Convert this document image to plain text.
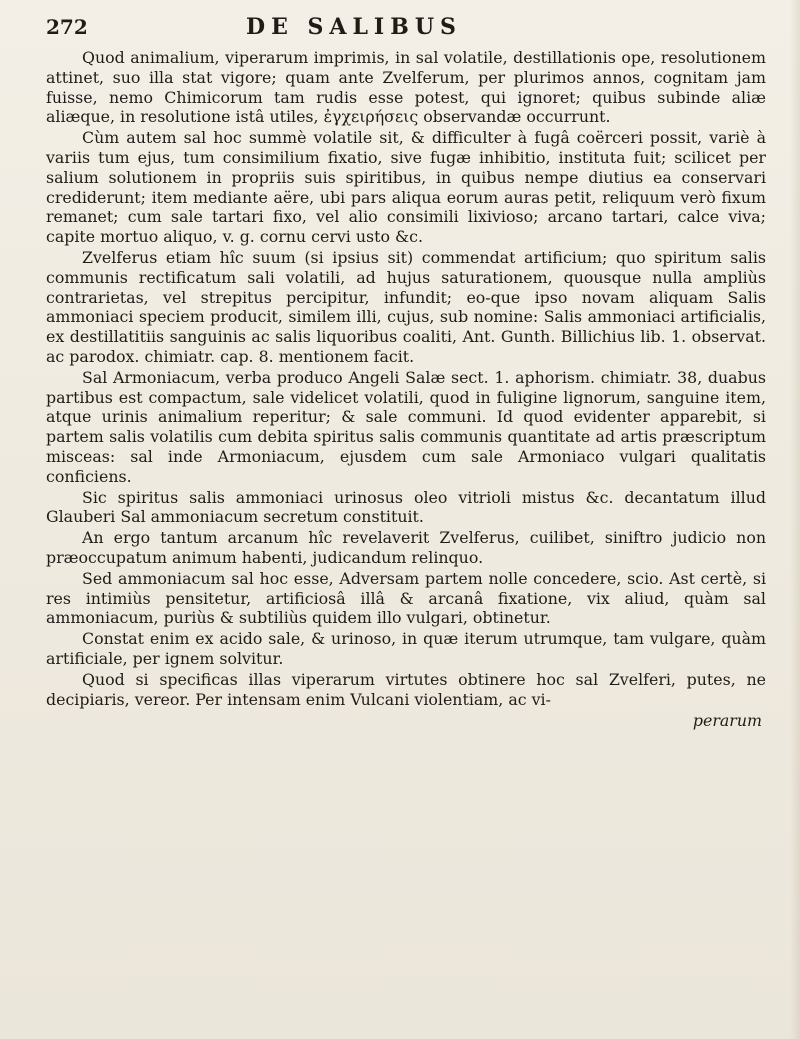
272	DE SALIBUS

Quod animalium, viperarum imprimis, in sal volatile, destillationis ope, resolutionem attinet, suo illa stat vigore; quam ante Zvelferum, per plurimos annos, cognitam jam fuisse, nemo Chimicorum tam rudis esse potest, qui ignoret; quibus subinde aliæ aliæque, in resolutione istâ utiles, ἐγχειρήσεις observandæ occurrunt.

Cùm autem sal hoc summè volatile sit, & difficulter à fugâ coërceri possit, variè à variis tum ejus, tum consimilium fixatio, sive fugæ inhibitio, instituta fuit; scilicet per salium solutionem in propriis suis spiritibus, in quibus nempe diutius ea conservari crediderunt; item mediante aëre, ubi pars aliqua eorum auras petit, reliquum verò fixum remanet; cum sale tartari fixo, vel alio consimili lixivioso; arcano tartari, calce viva; capite mortuo aliquo, v. g. cornu cervi usto &c.

Zvelferus etiam hîc suum (si ipsius sit) commendat artificium; quo spiritum salis communis rectificatum sali volatili, ad hujus saturationem, quousque nulla ampliùs contrarietas, vel strepitus percipitur, infundit; eo-que ipso novam aliquam Salis ammoniaci speciem producit, similem illi, cujus, sub nomine: Salis ammoniaci artificialis, ex destillatitiis sanguinis ac salis liquoribus coaliti, Ant. Gunth. Billichius lib. 1. observat. ac parodox. chimiatr. cap. 8. mentionem facit.

Sal Armoniacum, verba produco Angeli Salæ sect. 1. aphorism. chimiatr. 38, duabus partibus est compactum, sale videlicet volatili, quod in fuligine lignorum, sanguine item, atque urinis animalium reperitur; & sale communi. Id quod evidenter apparebit, si partem salis volatilis cum debita spiritus salis communis quantitate ad artis præscriptum misceas: sal inde Armoniacum, ejusdem cum sale Armoniaco vulgari qualitatis conficiens.

Sic spiritus salis ammoniaci urinosus oleo vitrioli mistus &c. decantatum illud Glauberi Sal ammoniacum secretum constituit.

An ergo tantum arcanum hîc revelaverit Zvelferus, cuilibet, siniftro judicio non præoccupatum animum habenti, judicandum relinquo.

Sed ammoniacum sal hoc esse, Adversam partem nolle concedere, scio. Ast certè, si res intimiùs pensitetur, artificiosâ illâ & arcanâ fixatione, vix aliud, quàm sal ammoniacum, puriùs & subtiliùs quidem illo vulgari, obtinetur.

Constat enim ex acido sale, & urinoso, in quæ iterum utrumque, tam vulgare, quàm artificiale, per ignem solvitur.

Quod si specificas illas viperarum virtutes obtinere hoc sal Zvelferi, putes, ne decipiaris, vereor. Per intensam enim Vulcani violentiam, ac vi-

perarum
